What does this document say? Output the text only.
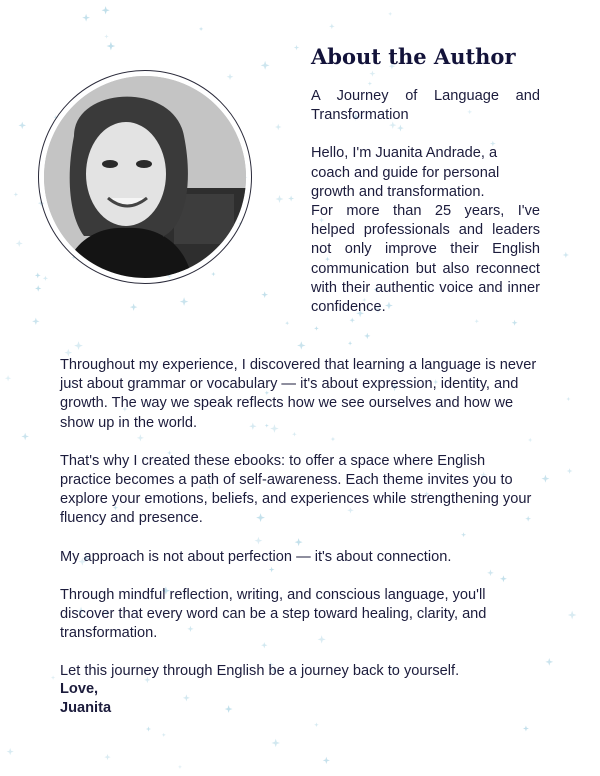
About the Author

A Journey of Language and Transformation

Hello, I'm Juanita Andrade, a coach and guide for personal growth and transformation.

For more than 25 years, I've helped professionals and leaders not only improve their English communication but also reconnect with their authentic voice and inner confidence.

Throughout my experience, I discovered that learning a language is never just about grammar or vocabulary — it's about expression, identity, and growth. The way we speak reflects how we see ourselves and how we show up in the world.

That's why I created these ebooks: to offer a space where English practice becomes a path of self-awareness. Each theme invites you to explore your emotions, beliefs, and experiences while strengthening your fluency and presence.

My approach is not about perfection — it's about connection.

Through mindful reflection, writing, and conscious language, you'll discover that every word can be a step toward healing, clarity, and transformation.

Let this journey through English be a journey back to yourself.

Love,
Juanita
